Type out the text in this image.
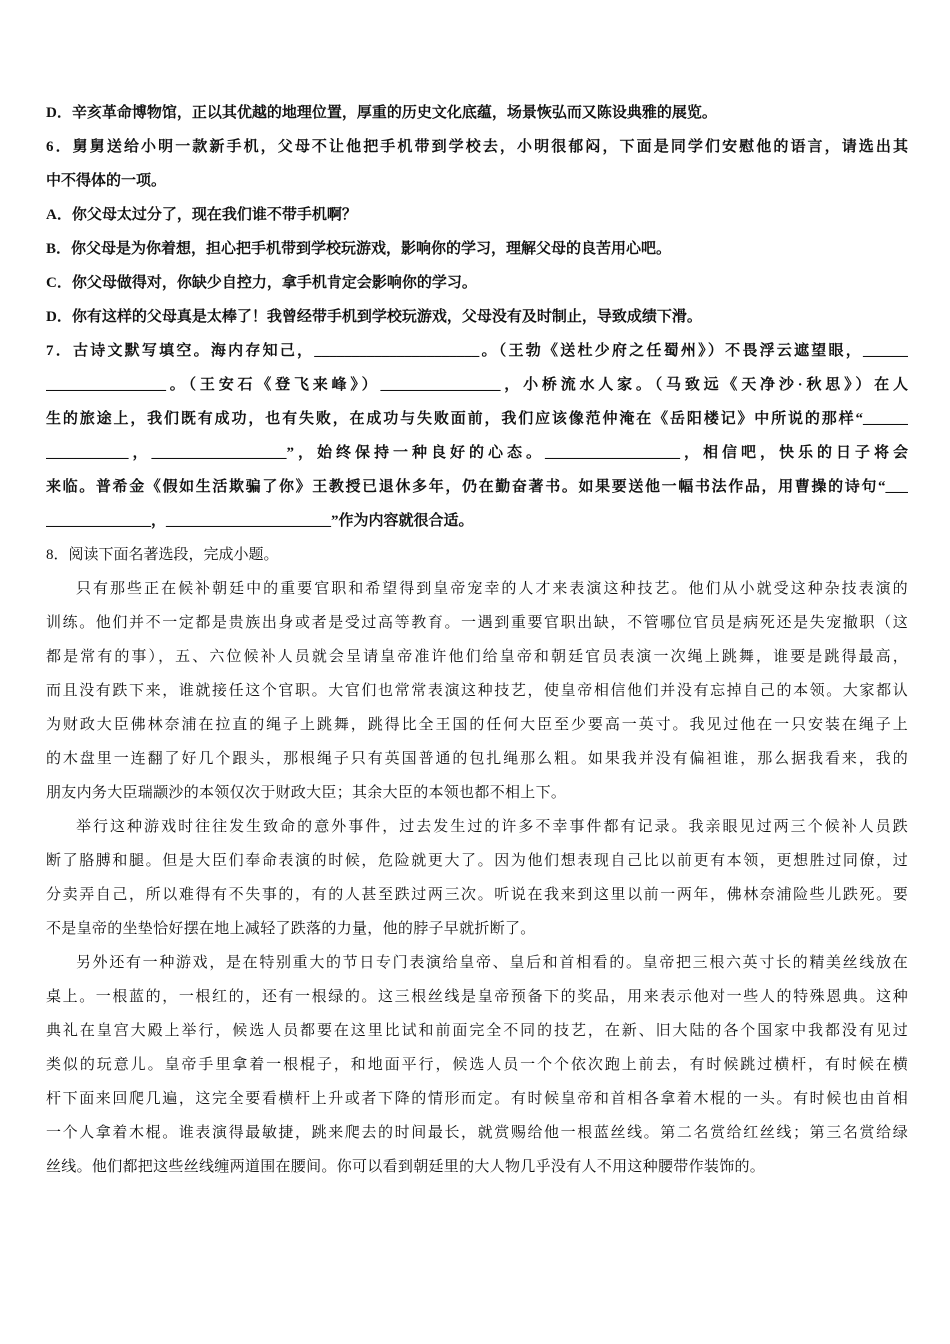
D．辛亥革命博物馆，正以其优越的地理位置，厚重的历史文化底蕴，场景恢弘而又陈设典雅的展览。
6．舅舅送给小明一款新手机，父母不让他把手机带到学校去，小明很郁闷，下面是同学们安慰他的语言，请选出其
中不得体的一项。
A．你父母太过分了，现在我们谁不带手机啊？
B．你父母是为你着想，担心把手机带到学校玩游戏，影响你的学习，理解父母的良苦用心吧。
C．你父母做得对，你缺少自控力，拿手机肯定会影响你的学习。
D．你有这样的父母真是太棒了！我曾经带手机到学校玩游戏，父母没有及时制止，导致成绩下滑。
7．古诗文默写填空。海内存知己，______________________。（王勃《送杜少府之任蜀州》）不畏浮云遮望眼，______
________________。（王安石《登飞来峰》）________________，小桥流水人家。（马致远《天净沙·秋思》）在人
生的旅途上，我们既有成功，也有失败，在成功与失败面前，我们应该像范仲淹在《岳阳楼记》中所说的那样“______
___________，__________________”，始终保持一种良好的心态。__________________，相信吧，快乐的日子将会
来临。普希金《假如生活欺骗了你》王教授已退休多年，仍在勤奋著书。如果要送他一幅书法作品，用曹操的诗句“___
______________，______________________”作为内容就很合适。
8．阅读下面名著选段，完成小题。
只有那些正在候补朝廷中的重要官职和希望得到皇帝宠幸的人才来表演这种技艺。他们从小就受这种杂技表演的
训练。他们并不一定都是贵族出身或者是受过高等教育。一遇到重要官职出缺，不管哪位官员是病死还是失宠撤职（这
都是常有的事），五、六位候补人员就会呈请皇帝准许他们给皇帝和朝廷官员表演一次绳上跳舞，谁要是跳得最高，
而且没有跌下来，谁就接任这个官职。大官们也常常表演这种技艺，使皇帝相信他们并没有忘掉自己的本领。大家都认
为财政大臣佛林奈浦在拉直的绳子上跳舞，跳得比全王国的任何大臣至少要高一英寸。我见过他在一只安装在绳子上
的木盘里一连翻了好几个跟头，那根绳子只有英国普通的包扎绳那么粗。如果我并没有偏袒谁，那么据我看来，我的
朋友内务大臣瑞颛沙的本领仅次于财政大臣；其余大臣的本领也都不相上下。
举行这种游戏时往往发生致命的意外事件，过去发生过的许多不幸事件都有记录。我亲眼见过两三个候补人员跌
断了胳膊和腿。但是大臣们奉命表演的时候，危险就更大了。因为他们想表现自己比以前更有本领，更想胜过同僚，过
分卖弄自己，所以难得有不失事的，有的人甚至跌过两三次。听说在我来到这里以前一两年，佛林奈浦险些儿跌死。要
不是皇帝的坐垫恰好摆在地上减轻了跌落的力量，他的脖子早就折断了。
另外还有一种游戏，是在特别重大的节日专门表演给皇帝、皇后和首相看的。皇帝把三根六英寸长的精美丝线放在
桌上。一根蓝的，一根红的，还有一根绿的。这三根丝线是皇帝预备下的奖品，用来表示他对一些人的特殊恩典。这种
典礼在皇宫大殿上举行，候选人员都要在这里比试和前面完全不同的技艺，在新、旧大陆的各个国家中我都没有见过
类似的玩意儿。皇帝手里拿着一根棍子，和地面平行，候选人员一个个依次跑上前去，有时候跳过横杆，有时候在横
杆下面来回爬几遍，这完全要看横杆上升或者下降的情形而定。有时候皇帝和首相各拿着木棍的一头。有时候也由首相
一个人拿着木棍。谁表演得最敏捷，跳来爬去的时间最长，就赏赐给他一根蓝丝线。第二名赏给红丝线；第三名赏给绿
丝线。他们都把这些丝线缠两道围在腰间。你可以看到朝廷里的大人物几乎没有人不用这种腰带作装饰的。
